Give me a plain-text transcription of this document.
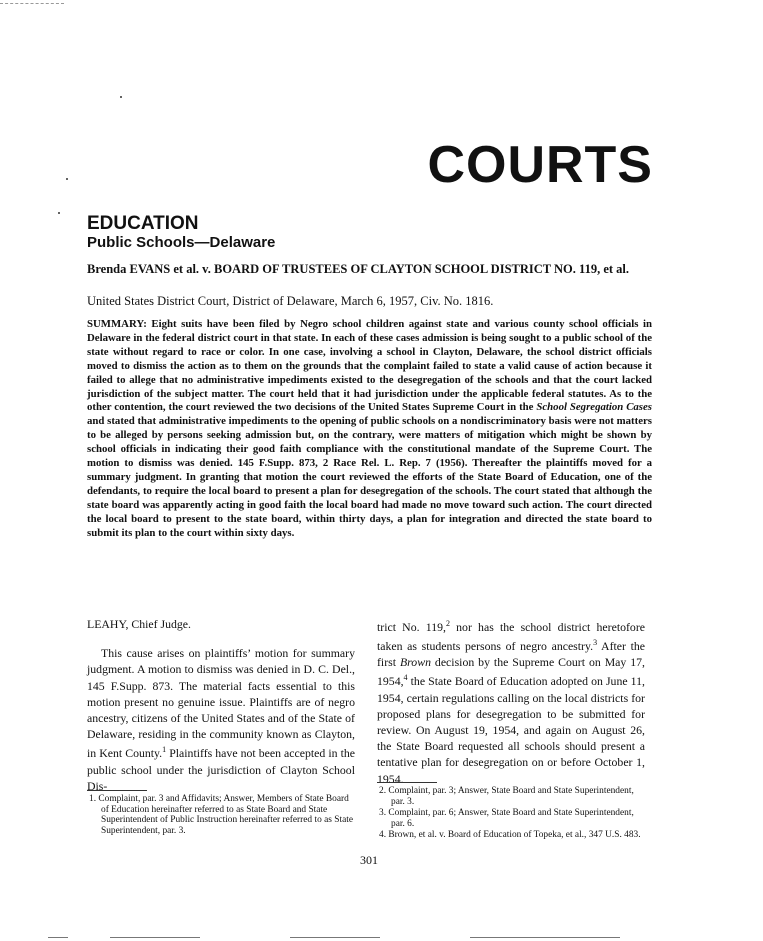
COURTS
EDUCATION
Public Schools—Delaware
Brenda EVANS et al. v. BOARD OF TRUSTEES OF CLAYTON SCHOOL DISTRICT NO. 119, et al.
United States District Court, District of Delaware, March 6, 1957, Civ. No. 1816.
SUMMARY: Eight suits have been filed by Negro school children against state and various county school officials in Delaware in the federal district court in that state. In each of these cases admission is being sought to a public school of the state without regard to race or color. In one case, involving a school in Clayton, Delaware, the school district officials moved to dismiss the action as to them on the grounds that the complaint failed to state a valid cause of action because it failed to allege that no administrative impediments existed to the desegregation of the schools and that the court lacked jurisdiction of the subject matter. The court held that it had jurisdiction under the applicable federal statutes. As to the other contention, the court reviewed the two decisions of the United States Supreme Court in the School Segregation Cases and stated that administrative impediments to the opening of public schools on a nondiscriminatory basis were not matters to be alleged by persons seeking admission but, on the contrary, were matters of mitigation which might be shown by school officials in indicating their good faith compliance with the constitutional mandate of the Supreme Court. The motion to dismiss was denied. 145 F.Supp. 873, 2 Race Rel. L. Rep. 7 (1956). Thereafter the plaintiffs moved for a summary judgment. In granting that motion the court reviewed the efforts of the State Board of Education, one of the defendants, to require the local board to present a plan for desegregation of the schools. The court stated that although the state board was apparently acting in good faith the local board had made no move toward such action. The court directed the local board to present to the state board, within thirty days, a plan for integration and directed the state board to submit its plan to the court within sixty days.
LEAHY, Chief Judge.
This cause arises on plaintiffs’ motion for summary judgment. A motion to dismiss was denied in D. C. Del., 145 F.Supp. 873. The material facts essential to this motion present no genuine issue. Plaintiffs are of negro ancestry, citizens of the United States and of the State of Delaware, residing in the community known as Clayton, in Kent County.$^1$ Plaintiffs have not been accepted in the public school under the jurisdiction of Clayton School Dis-
trict No. 119,$^2$ nor has the school district heretofore taken as students persons of negro ancestry.$^3$ After the first Brown decision by the Supreme Court on May 17, 1954,$^4$ the State Board of Education adopted on June 11, 1954, certain regulations calling on the local districts for proposed plans for desegregation to be submitted for review. On August 19, 1954, and again on August 26, the State Board requested all schools should present a tentative plan for desegregation on or before October 1, 1954.

1. Complaint, par. 3 and Affidavits; Answer, Members of State Board of Education hereinafter referred to as State Board and State Superintendent of Public Instruction hereinafter referred to as State Superintendent, par. 3.

2. Complaint, par. 3; Answer, State Board and State Superintendent, par. 3.

3. Complaint, par. 6; Answer, State Board and State Superintendent, par. 6.

4. Brown, et al. v. Board of Education of Topeka, et al., 347 U.S. 483.

301
